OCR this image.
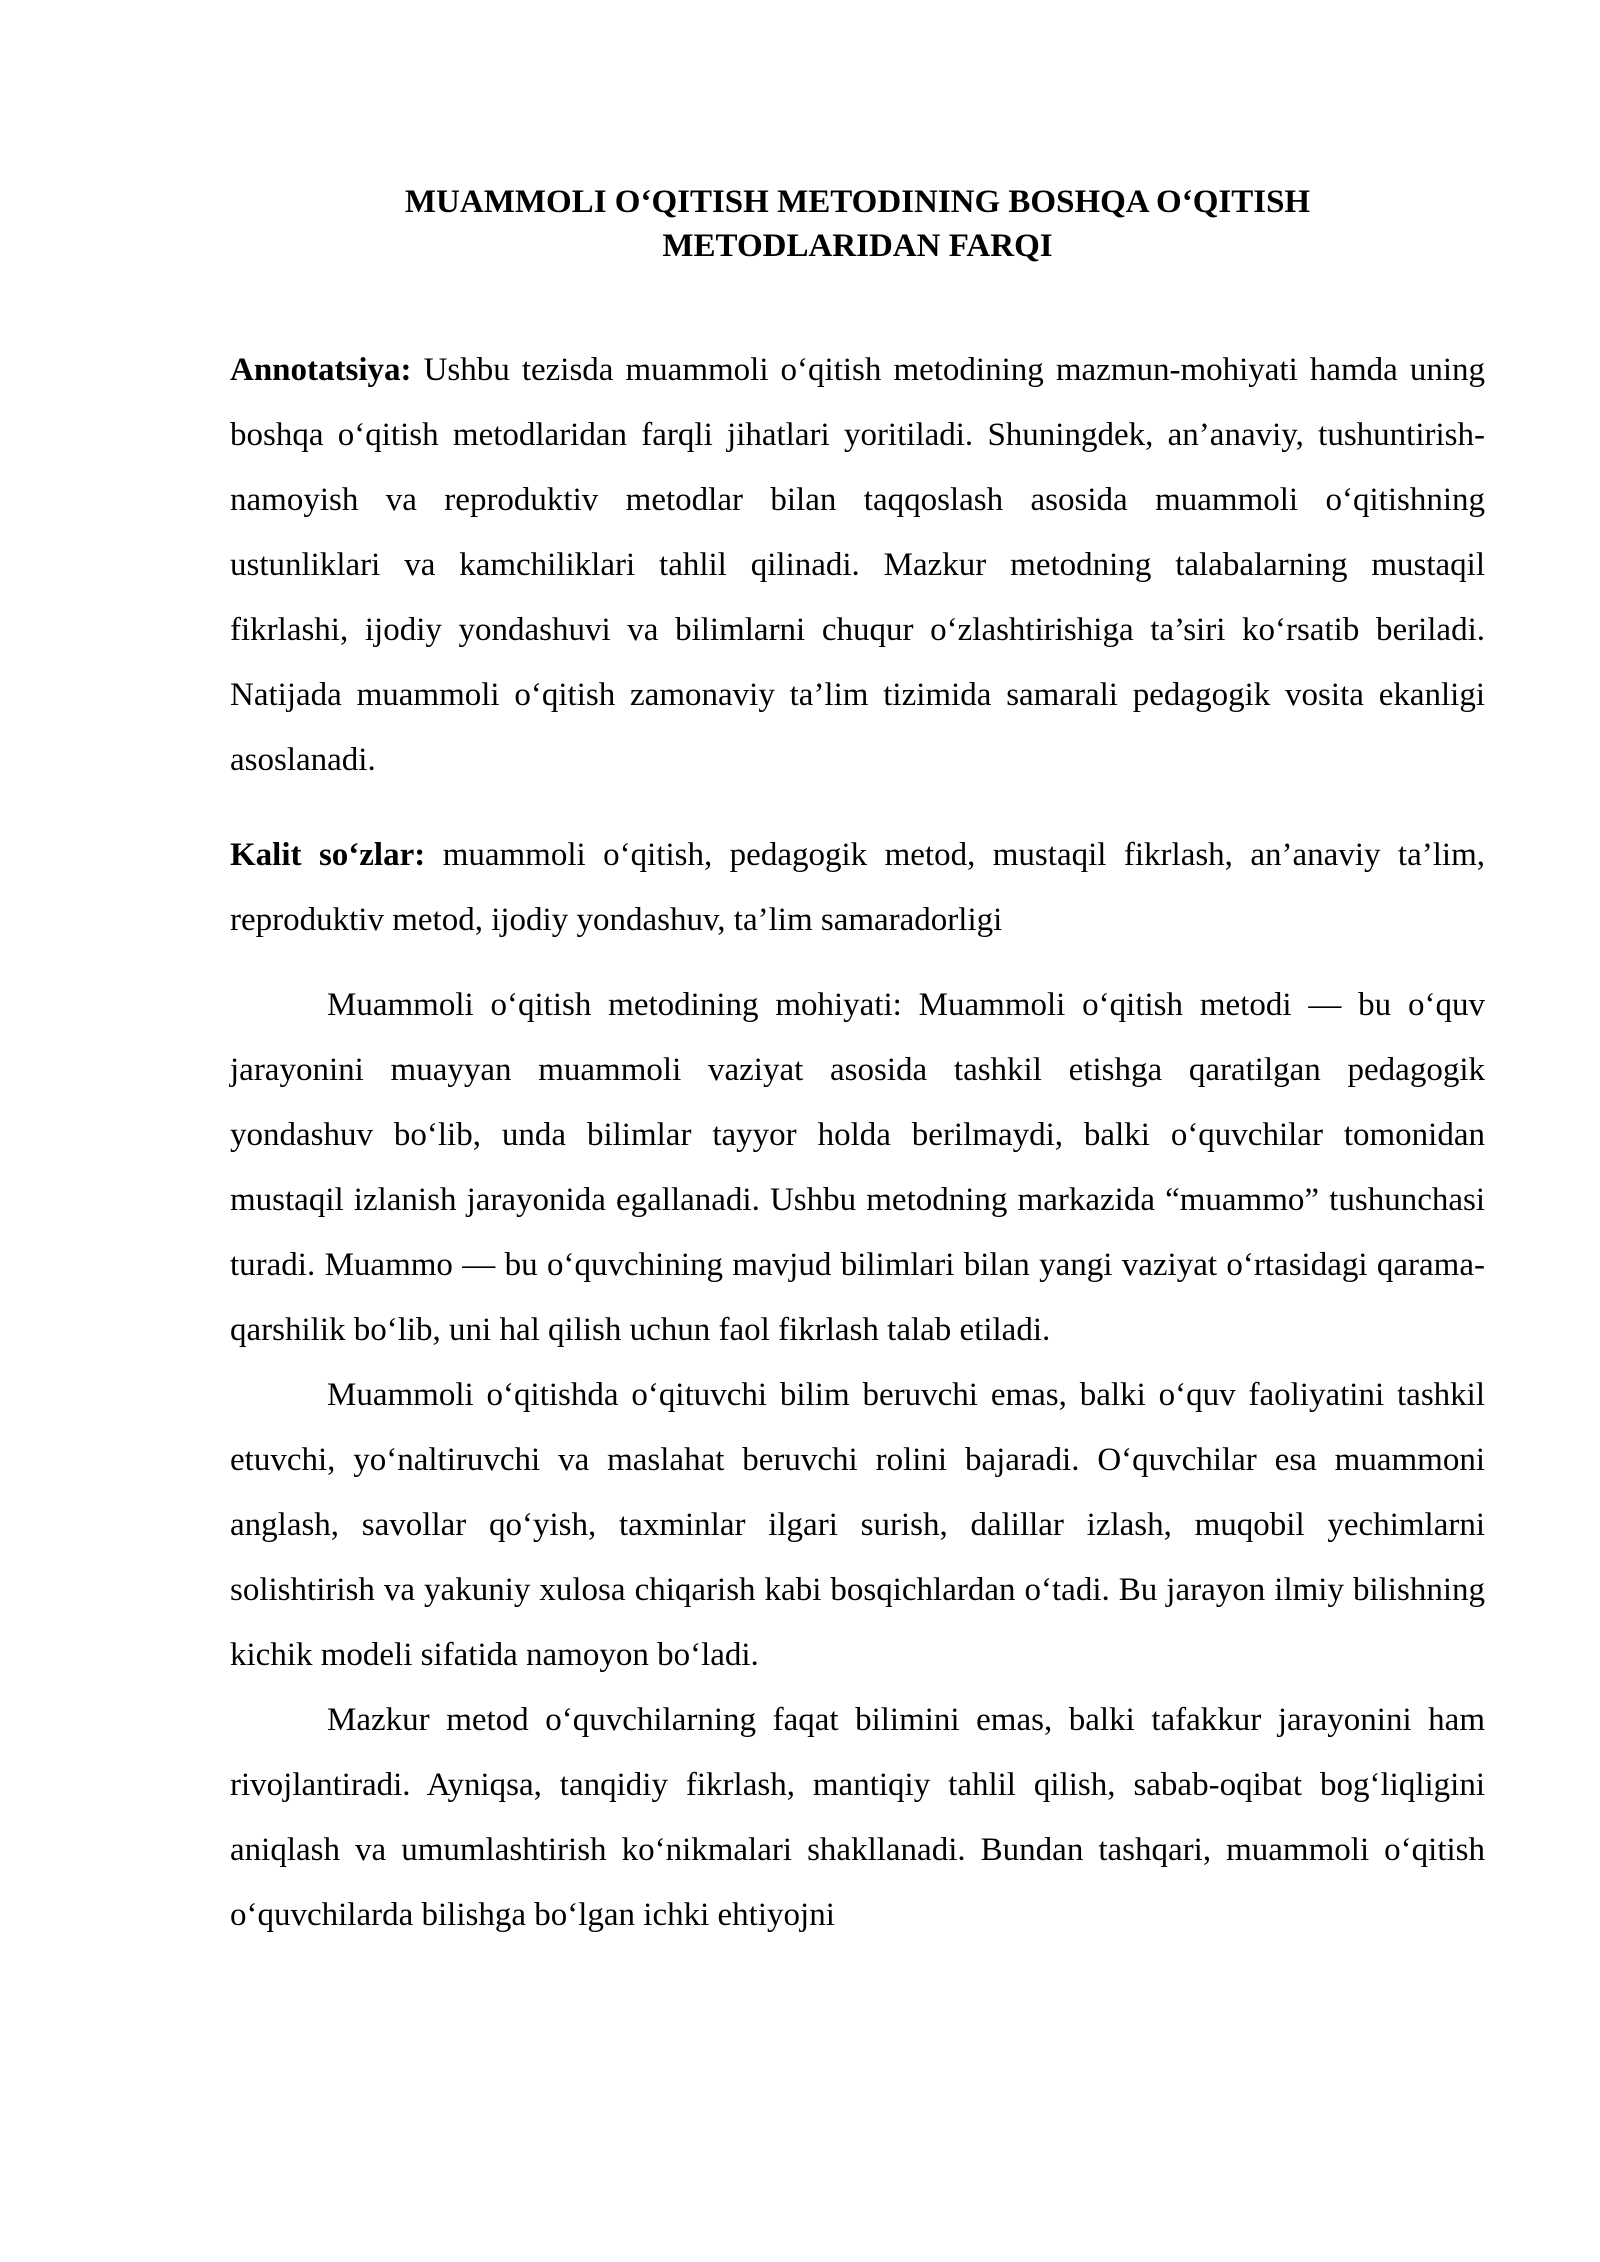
MUAMMOLI O‘QITISH METODINING BOSHQA O‘QITISH
METODLARIDAN FARQI

Annotatsiya: Ushbu tezisda muammoli o‘qitish metodining mazmun-mohiyati hamda uning boshqa o‘qitish metodlaridan farqli jihatlari yoritiladi. Shuningdek, an’anaviy, tushuntirish-namoyish va reproduktiv metodlar bilan taqqoslash asosida muammoli o‘qitishning ustunliklari va kamchiliklari tahlil qilinadi. Mazkur metodning talabalarning mustaqil fikrlashi, ijodiy yondashuvi va bilimlarni chuqur o‘zlashtirishiga ta’siri ko‘rsatib beriladi. Natijada muammoli o‘qitish zamonaviy ta’lim tizimida samarali pedagogik vosita ekanligi asoslanadi.

Kalit so‘zlar: muammoli o‘qitish, pedagogik metod, mustaqil fikrlash, an’anaviy ta’lim, reproduktiv metod, ijodiy yondashuv, ta’lim samaradorligi

Muammoli o‘qitish metodining mohiyati: Muammoli o‘qitish metodi — bu o‘quv jarayonini muayyan muammoli vaziyat asosida tashkil etishga qaratilgan pedagogik yondashuv bo‘lib, unda bilimlar tayyor holda berilmaydi, balki o‘quvchilar tomonidan mustaqil izlanish jarayonida egallanadi. Ushbu metodning markazida “muammo” tushunchasi turadi. Muammo — bu o‘quvchining mavjud bilimlari bilan yangi vaziyat o‘rtasidagi qarama-qarshilik bo‘lib, uni hal qilish uchun faol fikrlash talab etiladi.

Muammoli o‘qitishda o‘qituvchi bilim beruvchi emas, balki o‘quv faoliyatini tashkil etuvchi, yo‘naltiruvchi va maslahat beruvchi rolini bajaradi. O‘quvchilar esa muammoni anglash, savollar qo‘yish, taxminlar ilgari surish, dalillar izlash, muqobil yechimlarni solishtirish va yakuniy xulosa chiqarish kabi bosqichlardan o‘tadi. Bu jarayon ilmiy bilishning kichik modeli sifatida namoyon bo‘ladi.

Mazkur metod o‘quvchilarning faqat bilimini emas, balki tafakkur jarayonini ham rivojlantiradi. Ayniqsa, tanqidiy fikrlash, mantiqiy tahlil qilish, sabab-oqibat bog‘liqligini aniqlash va umumlashtirish ko‘nikmalari shakllanadi. Bundan tashqari, muammoli o‘qitish o‘quvchilarda bilishga bo‘lgan ichki ehtiyojni
